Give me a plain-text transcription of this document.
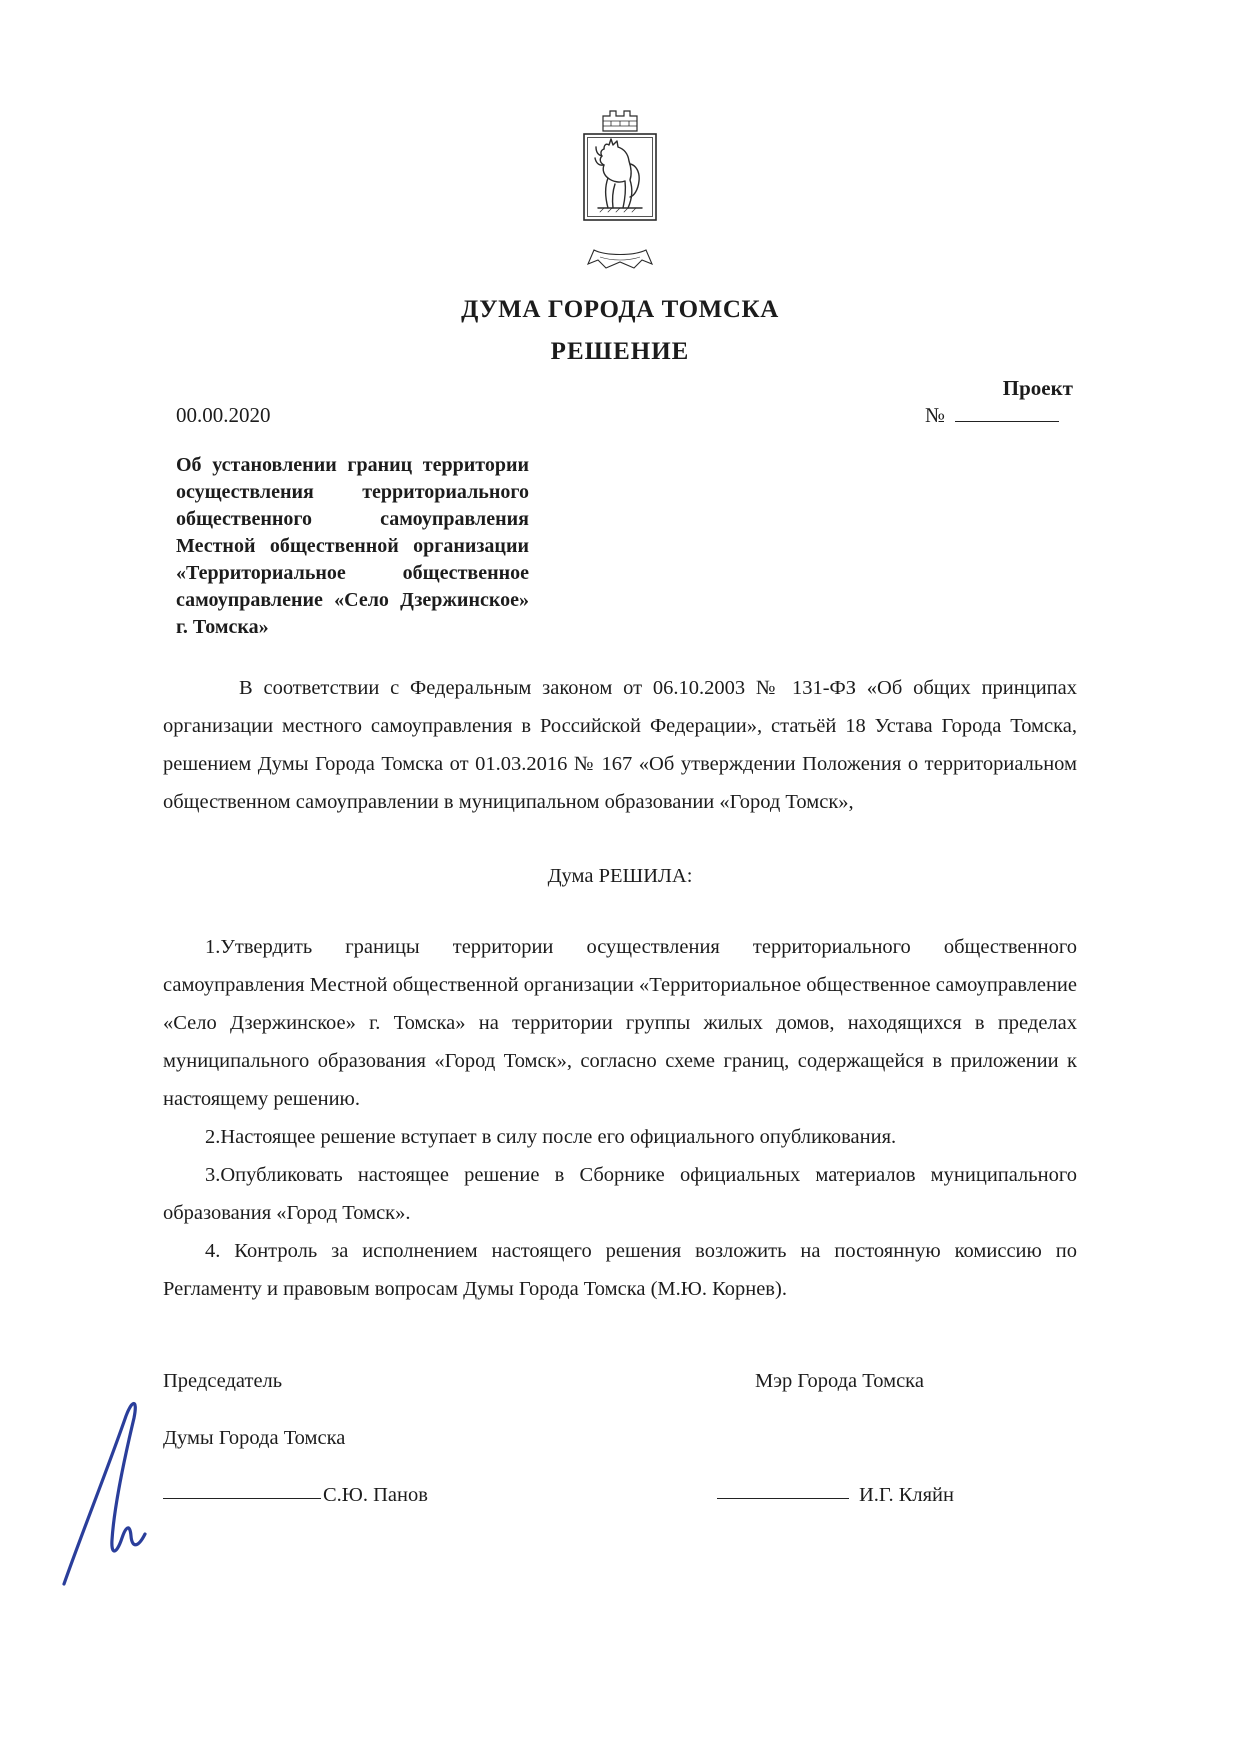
ДУМА ГОРОДА ТОМСКА
РЕШЕНИЕ
Проект
00.00.2020	№
Об установлении границ территории осуществления территориального общественного самоуправления Местной общественной организации «Территориальное общественное самоуправление «Село Дзержинское» г. Томска»

В соответствии с Федеральным законом от 06.10.2003 № 131-ФЗ «Об общих принципах организации местного самоуправления в Российской Федерации», статьёй 18 Устава Города Томска, решением Думы Города Томска от 01.03.2016 № 167 «Об утверждении Положения о территориальном общественном самоуправлении в муниципальном образовании «Город Томск»,

Дума РЕШИЛА:

1.Утвердить границы территории осуществления территориального общественного самоуправления Местной общественной организации «Территориальное общественное самоуправление «Село Дзержинское» г. Томска» на территории группы жилых домов, находящихся в пределах муниципального образования «Город Томск», согласно схеме границ, содержащейся в приложении к настоящему решению.

2.Настоящее решение вступает в силу после его официального опубликования.

3.Опубликовать настоящее решение в Сборнике официальных материалов муниципального образования «Город Томск».

4. Контроль за исполнением настоящего решения возложить на постоянную комиссию по Регламенту и правовым вопросам Думы Города Томска (М.Ю. Корнев).

Председатель
Думы Города Томска
С.Ю. Панов
Мэр Города Томска
И.Г. Кляйн
